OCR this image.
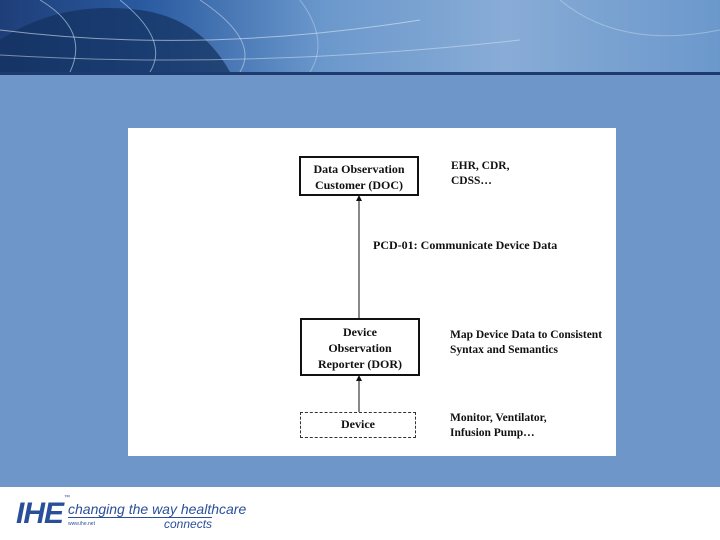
Data Observation
Customer (DOC)
EHR, CDR,
CDSS…
PCD-01: Communicate Device Data
Device
Observation
Reporter (DOR)
Map Device Data to Consistent
Syntax and Semantics
Device	Monitor, Ventilator,
Infusion Pump…
IHE ™
changing the way healthcare
www.ihe.net	connects
